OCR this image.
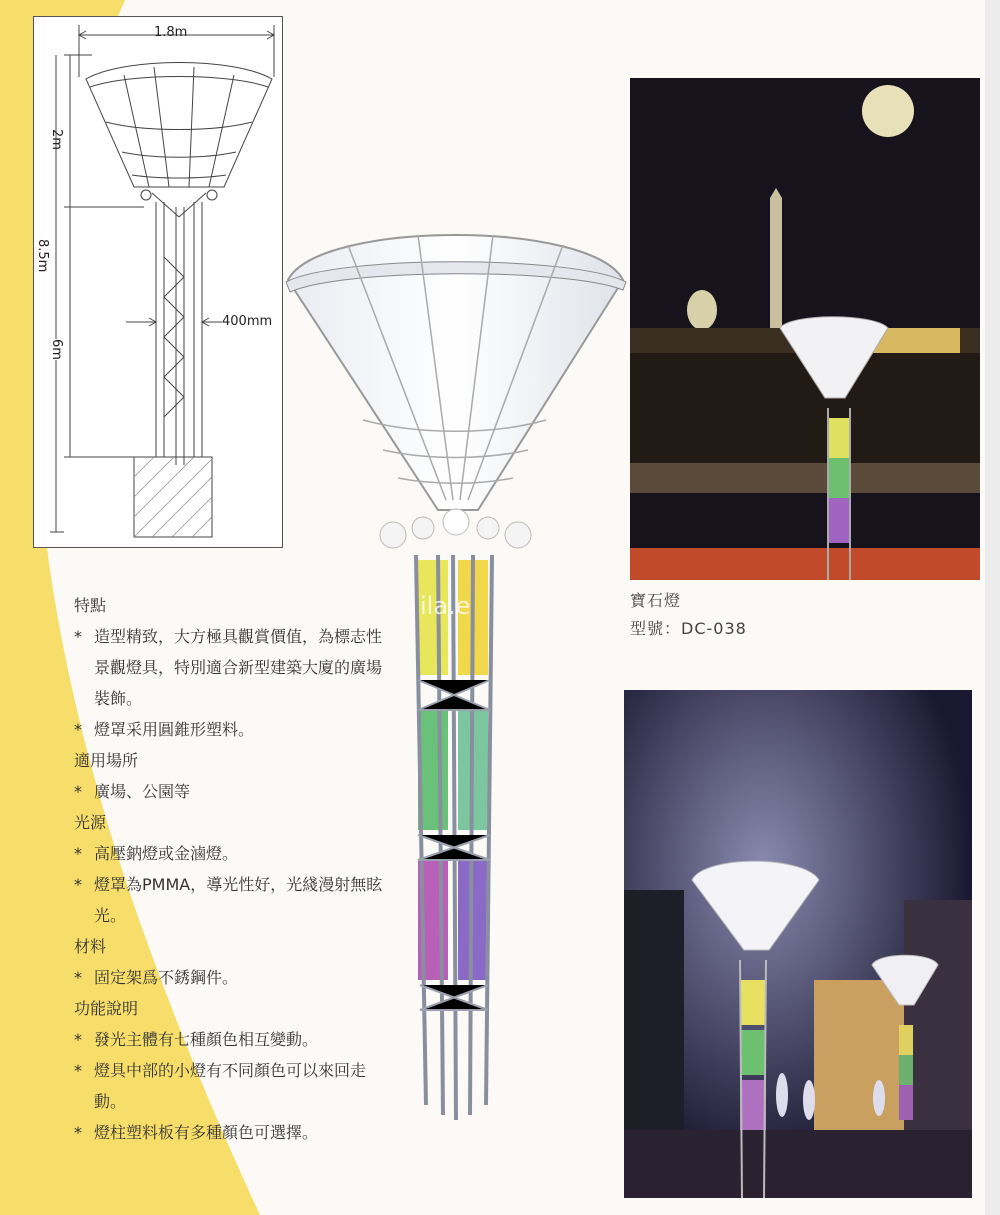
1.8m
2m
8.5m
6m
400mm
ila.e	寶石燈
型號：DC-038

特點

* 造型精致，大方極具觀賞價值，為標志性景觀燈具，特別適合新型建築大廈的廣場裝飾。
* 燈罩采用圓錐形塑料。

適用場所

* 廣場、公園等

光源

* 高壓鈉燈或金滷燈。
* 燈罩為PMMA，導光性好，光綫漫射無眩光。

材料

* 固定架爲不銹鋼件。

功能說明

* 發光主體有七種顏色相互變動。
* 燈具中部的小燈有不同顏色可以來回走動。
* 燈柱塑料板有多種顏色可選擇。
